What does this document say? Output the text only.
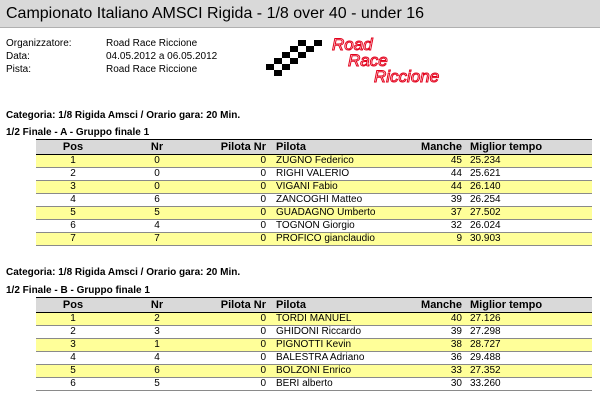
Campionato Italiano AMSCI Rigida - 1/8 over 40 - under 16
Organizzatore:	Road Race Riccione
Data:	04.05.2012 a 06.05.2012
Pista:	Road Race Riccione
Road
Race
Riccione
Categoria: 1/8 Rigida Amsci / Orario gara: 20 Min.
1/2 Finale - A - Gruppo finale 1
Pos	Nr	Pilota Nr	Pilota	Manche	Miglior tempo
1	0	0	ZUGNO Federico	45	25.234
2	0	0	RIGHI VALERIO	44	25.621
3	0	0	VIGANI Fabio	44	26.140
4	6	0	ZANCOGHI Matteo	39	26.254
5	5	0	GUADAGNO Umberto	37	27.502
6	4	0	TOGNON Giorgio	32	26.024
7	7	0	PROFICO gianclaudio	9	30.903
Categoria: 1/8 Rigida Amsci / Orario gara: 20 Min.
1/2 Finale - B - Gruppo finale 1
Pos	Nr	Pilota Nr	Pilota	Manche	Miglior tempo
1	2	0	TORDI MANUEL	40	27.126
2	3	0	GHIDONI Riccardo	39	27.298
3	1	0	PIGNOTTI Kevin	38	28.727
4	4	0	BALESTRA Adriano	36	29.488
5	6	0	BOLZONI Enrico	33	27.352
6	5	0	BERI alberto	30	33.260
